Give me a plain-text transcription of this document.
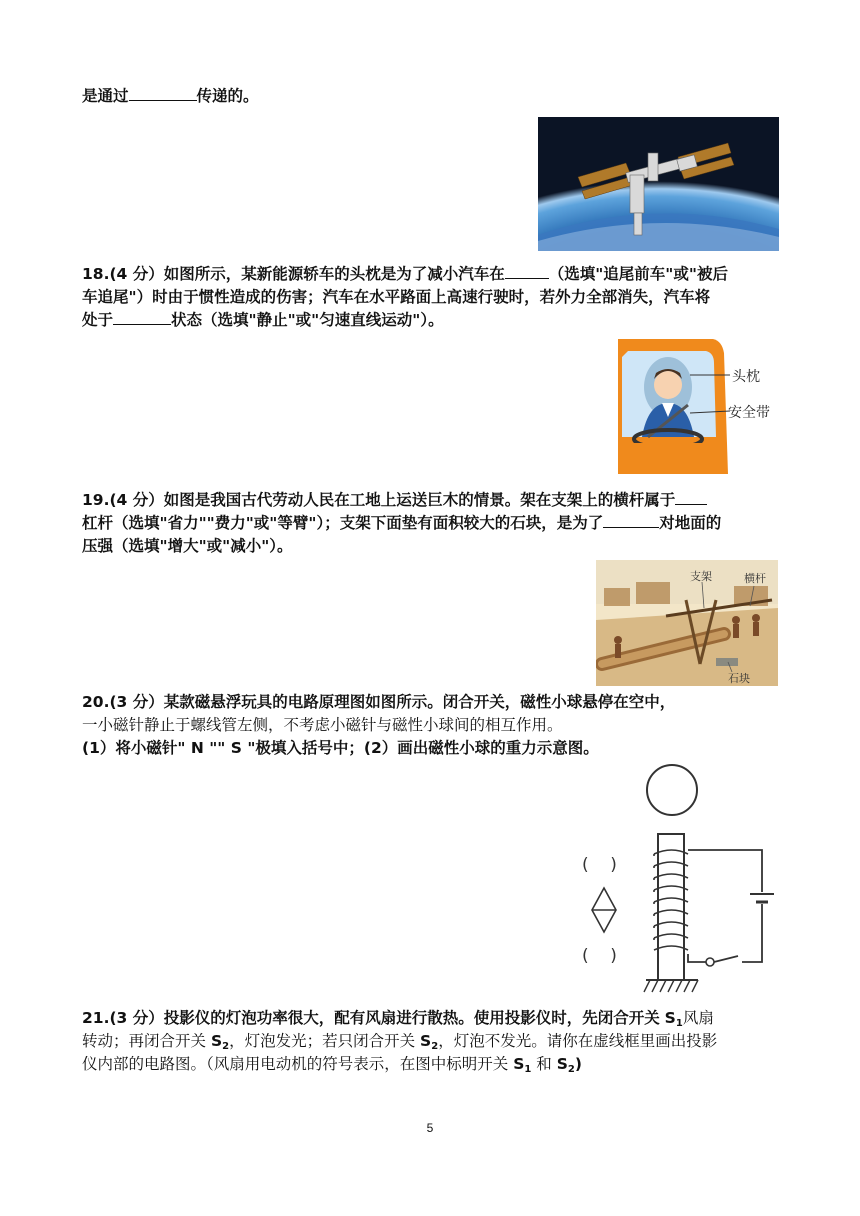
是通过	传递的。
18.(4 分）如图所示，某新能源轿车的头枕是为了减小汽车在	（选填"追尾前车"或"被后
车追尾"）时由于惯性造成的伤害；汽车在水平路面上高速行驶时，若外力全部消失，汽车将
处于	状态（选填"静止"或"匀速直线运动"）。
头枕
安全带
19.(4 分）如图是我国古代劳动人民在工地上运送巨木的情景。架在支架上的横杆属于
杠杆（选填"省力""费力"或"等臂"）；支架下面垫有面积较大的石块，是为了	对地面的
压强（选填"增大"或"减小"）。
支架	横杆
石块
20.(3 分）某款磁悬浮玩具的电路原理图如图所示。闭合开关，磁性小球悬停在空中，
一小磁针静止于螺线管左侧，不考虑小磁针与磁性小球间的相互作用。
(1）将小磁针" N "" S "极填入括号中；(2）画出磁性小球的重力示意图。
(    )
(    )
21.(3 分）投影仪的灯泡功率很大，配有风扇进行散热。使用投影仪时，先闭合开关 $S_1$风扇
转动；再闭合开关 $S_2$，灯泡发光；若只闭合开关 $S_2$，灯泡不发光。请你在虚线框里画出投影
仪内部的电路图。（风扇用电动机的符号表示，在图中标明开关 $S_1$ 和 $S_2$)
5
